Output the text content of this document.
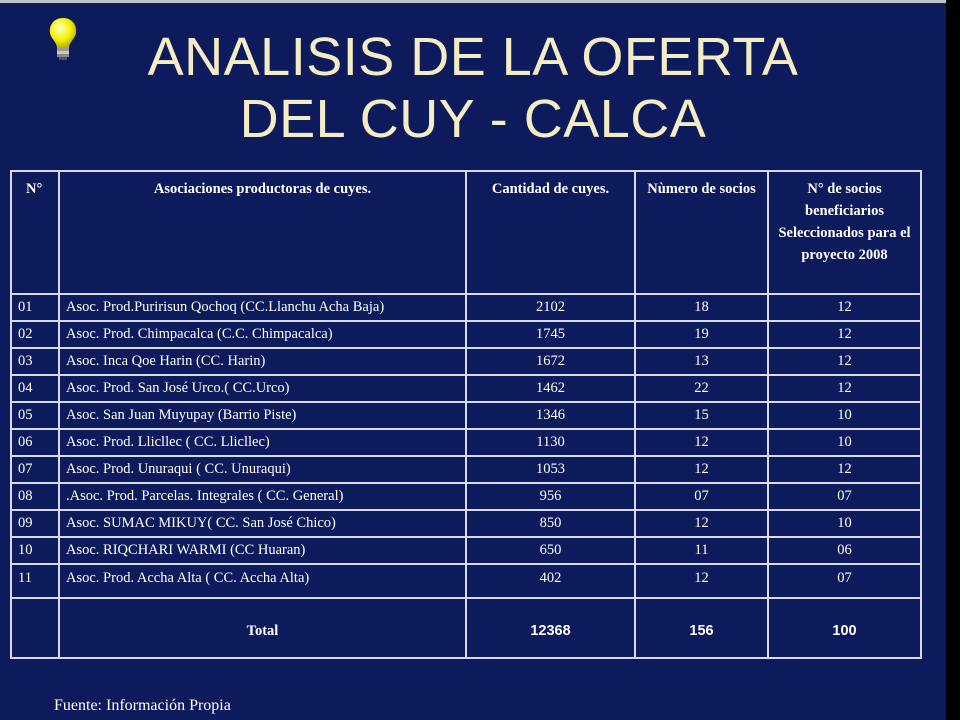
ANALISIS DE LA OFERTA
DEL CUY - CALCA
N°	Asociaciones productoras de cuyes.	Cantidad de cuyes.	Nùmero de socios	N° de socios beneficiarios Seleccionados para el proyecto 2008
01	Asoc. Prod.Puririsun Qochoq (CC.Llanchu Acha Baja)	2102	18	12
02	Asoc. Prod. Chimpacalca (C.C. Chimpacalca)	1745	19	12
03	Asoc. Inca Qoe Harin (CC. Harin)	1672	13	12
04	Asoc. Prod. San José Urco.( CC.Urco)	1462	22	12
05	Asoc. San Juan Muyupay (Barrio Piste)	1346	15	10
06	Asoc. Prod. Llicllec ( CC. Llicllec)	1130	12	10
07	Asoc. Prod. Unuraqui ( CC. Unuraqui)	1053	12	12
08	.Asoc. Prod. Parcelas. Integrales ( CC. General)	956	07	07
09	Asoc. SUMAC MIKUY( CC. San José Chico)	850	12	10
10	Asoc. RIQCHARI WARMI (CC Huaran)	650	11	06
11	Asoc. Prod. Accha Alta ( CC. Accha Alta)	402	12	07
	Total	12368	156	100
Fuente: Información Propia
